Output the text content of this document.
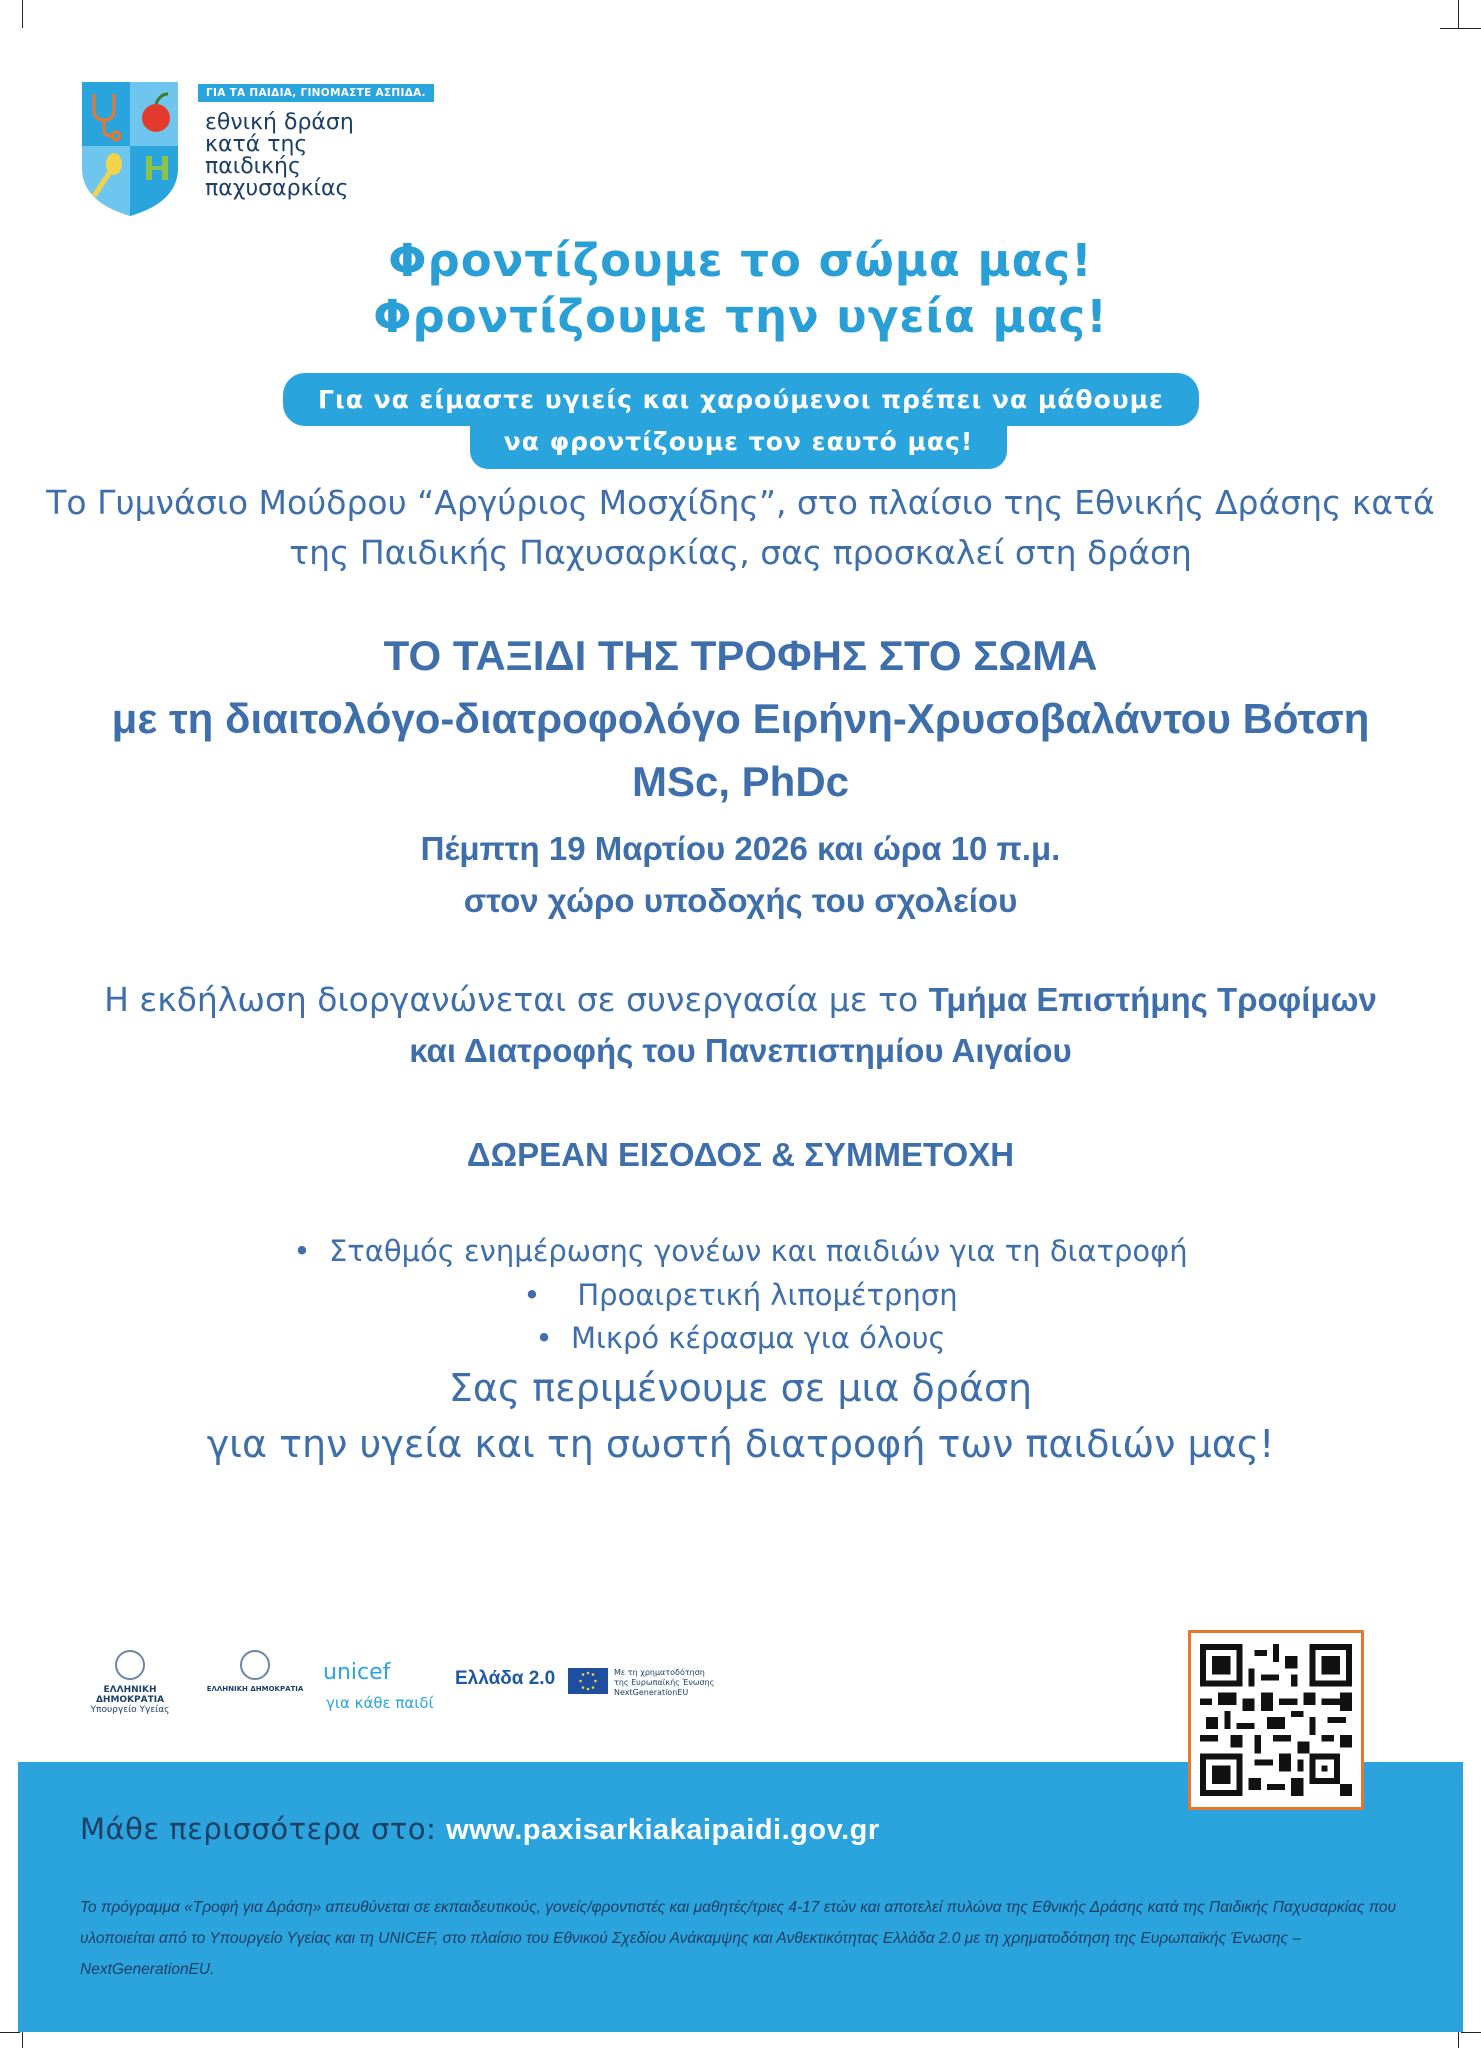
ΓΙΑ ΤΑ ΠΑΙΔΙΑ, ΓΙΝΟΜΑΣΤΕ ΑΣΠΙΔΑ.
εθνική δράση
κατά της
παιδικής
παχυσαρκίας
Φροντίζουμε το σώμα μας!
Φροντίζουμε την υγεία μας!
Για να είμαστε υγιείς και χαρούμενοι πρέπει να μάθουμε
να φροντίζουμε τον εαυτό μας!
Το Γυμνάσιο Μούδρου “Αργύριος Μοσχίδης”, στο πλαίσιο της Εθνικής Δράσης κατά
της Παιδικής Παχυσαρκίας, σας προσκαλεί στη δράση
ΤΟ ΤΑΞΙΔΙ ΤΗΣ ΤΡΟΦΗΣ ΣΤΟ ΣΩΜΑ
με τη διαιτολόγο-διατροφολόγο Ειρήνη-Χρυσοβαλάντου Βότση
MSc, PhDc
Πέμπτη 19 Μαρτίου 2026 και ώρα 10 π.μ.
στον χώρο υποδοχής του σχολείου
Η εκδήλωση διοργανώνεται σε συνεργασία με το Τμήμα Επιστήμης Τροφίμων
και Διατροφής του Πανεπιστημίου Αιγαίου
ΔΩΡΕΑΝ ΕΙΣΟΔΟΣ & ΣΥΜΜΕΤΟΧΗ
•  Σταθμός ενημέρωσης γονέων και παιδιών για τη διατροφή
•    Προαιρετική λιπομέτρηση
•  Μικρό κέρασμα για όλους
Σας περιμένουμε σε μια δράση
για την υγεία και τη σωστή διατροφή των παιδιών μας!
ΕΛΛΗΝΙΚΗ ΔΗΜΟΚΡΑΤΙΑ
Υπουργείο Υγείας
ΕΛΛΗΝΙΚΗ ΔΗΜΟΚΡΑΤΙΑ
unicef
για κάθε παιδί
Ελλάδα 2.0	Με τη χρηματοδότηση
της Ευρωπαϊκής Ένωσης
NextGenerationEU
Μάθε περισσότερα στο: www.paxisarkiakaipaidi.gov.gr
Το πρόγραμμα «Τροφή για Δράση» απευθύνεται σε εκπαιδευτικούς, γονείς/φροντιστές και μαθητές/τριες 4-17 ετών και αποτελεί πυλώνα της Εθνικής Δράσης κατά της Παιδικής Παχυσαρκίας που υλοποιείται από το Υπουργείο Υγείας και τη UNICEF, στο πλαίσιο του Εθνικού Σχεδίου Ανάκαμψης και Ανθεκτικότητας Ελλάδα 2.0 με τη χρηματοδότηση της Ευρωπαϊκής Ένωσης – NextGenerationEU.
